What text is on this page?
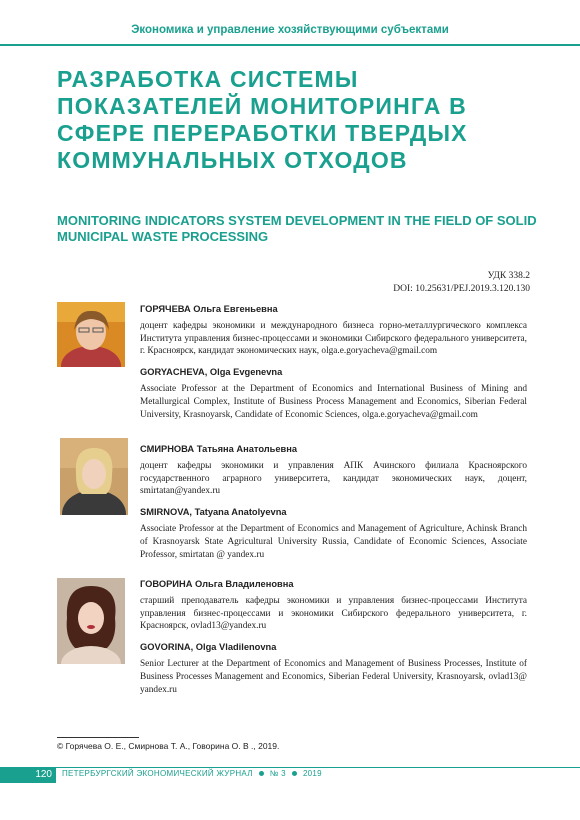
Экономика и управление хозяйствующими субъектами
РАЗРАБОТКА СИСТЕМЫ ПОКАЗАТЕЛЕЙ МОНИТОРИНГА В СФЕРЕ ПЕРЕРАБОТКИ ТВЕРДЫХ КОММУНАЛЬНЫХ ОТХОДОВ
MONITORING INDICATORS SYSTEM DEVELOPMENT IN THE FIELD OF SOLID MUNICIPAL WASTE PROCESSING
УДК 338.2
DOI: 10.25631/PEJ.2019.3.120.130
ГОРЯЧЕВА Ольга Евгеньевна
доцент кафедры экономики и международного бизнеса горно-металлургического комплекса Института управления бизнес-процессами и экономики Сибирского федерального университета, г. Красноярск, кандидат экономических наук, olga.e.goryacheva@gmail.com
GORYACHEVA, Olga Evgenevna
Associate Professor at the Department of Economics and International Business of Mining and Metallurgical Complex, Institute of Business Process Management and Economics, Siberian Federal University, Krasnoyarsk, Candidate of Economic Sciences, olga.e.goryacheva@gmail.com
СМИРНОВА Татьяна Анатольевна
доцент кафедры экономики и управления АПК Ачинского филиала Красноярского государственного аграрного университета, кандидат экономических наук, доцент, smirtatan@yandex.ru
SMIRNOVA, Tatyana Anatolyevna
Associate Professor at the Department of Economics and Management of Agriculture, Achinsk Branch of Krasnoyarsk State Agricultural University Russia, Candidate of Economic Sciences, Associate Professor, smirtatan @ yandex.ru
ГОВОРИНА Ольга Владиленовна
старший преподаватель кафедры экономики и управления бизнес-процессами Института управления бизнес-процессами и экономики Сибирского федерального университета, г. Красноярск, ovlad13@yandex.ru
GOVORINA, Olga Vladilenovna
Senior Lecturer at the Department of Economics and Management of Business Processes, Institute of Business Processes Management and Economics, Siberian Federal University, Krasnoyarsk, ovlad13@ yandex.ru
© Горячева О. Е., Смирнова Т. А., Говорина О. В ., 2019.
120	ПЕТЕРБУРГСКИЙ ЭКОНОМИЧЕСКИЙ ЖУРНАЛ № 3 2019
